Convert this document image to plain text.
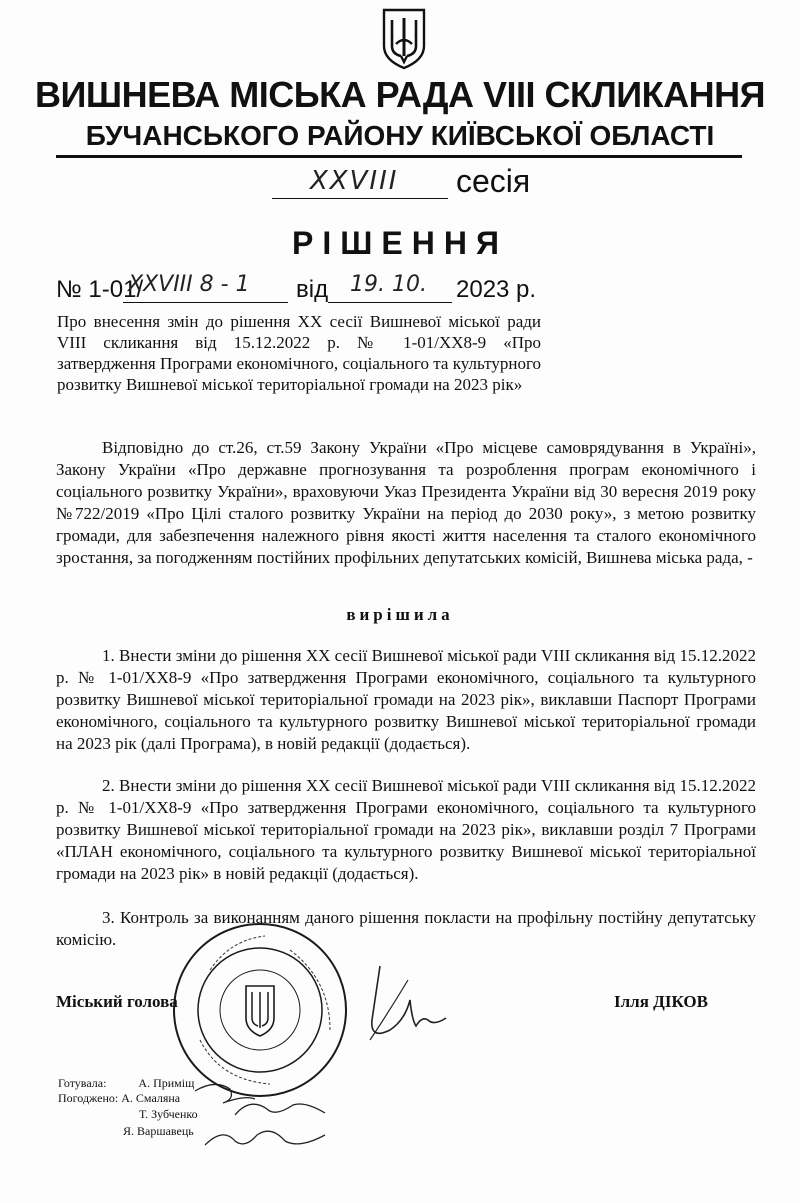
ВИШНЕВА МІСЬКА РАДА VIII СКЛИКАННЯ
БУЧАНСЬКОГО РАЙОНУ КИЇВСЬКОЇ ОБЛАСТІ
XXVIII сесія
РІШЕННЯ
№ 1-01/
XXVIII 8 - 1 від 19. 10. 2023 р.
Про внесення змін до рішення XX сесії Вишневої міської ради VIII скликання від 15.12.2022 р. № 1-01/XX8-9 «Про затвердження Програми економічного, соціального та культурного розвитку Вишневої міської територіальної громади на 2023 рік»
Відповідно до ст.26, ст.59 Закону України «Про місцеве самоврядування в Україні», Закону України «Про державне прогнозування та розроблення програм економічного і соціального розвитку України», враховуючи Указ Президента України від 30 вересня 2019 року №722/2019 «Про Цілі сталого розвитку України на період до 2030 року», з метою розвитку громади, для забезпечення належного рівня якості життя населення та сталого економічного зростання, за погодженням постійних профільних депутатських комісій, Вишнева міська рада, -
вирішила
1. Внести зміни до рішення XX сесії Вишневої міської ради VIII скликання від 15.12.2022 р. № 1-01/XX8-9 «Про затвердження Програми економічного, соціального та культурного розвитку Вишневої міської територіальної громади на 2023 рік», виклавши Паспорт Програми економічного, соціального та культурного розвитку Вишневої міської територіальної громади на 2023 рік (далі Програма), в новій редакції (додається).
2. Внести зміни до рішення XX сесії Вишневої міської ради VIII скликання від 15.12.2022 р. № 1-01/XX8-9 «Про затвердження Програми економічного, соціального та культурного розвитку Вишневої міської територіальної громади на 2023 рік», виклавши розділ 7 Програми «ПЛАН економічного, соціального та культурного розвитку Вишневої міської територіальної громади на 2023 рік» в новій редакції (додається).
3. Контроль за виконанням даного рішення покласти на профільну постійну депутатську комісію.
Міський голова	Ілля ДІКОВ
Готувала:	А. Приміщ
Погоджено: А. Смаляна
Т. Зубченко
Я. Варшавець
